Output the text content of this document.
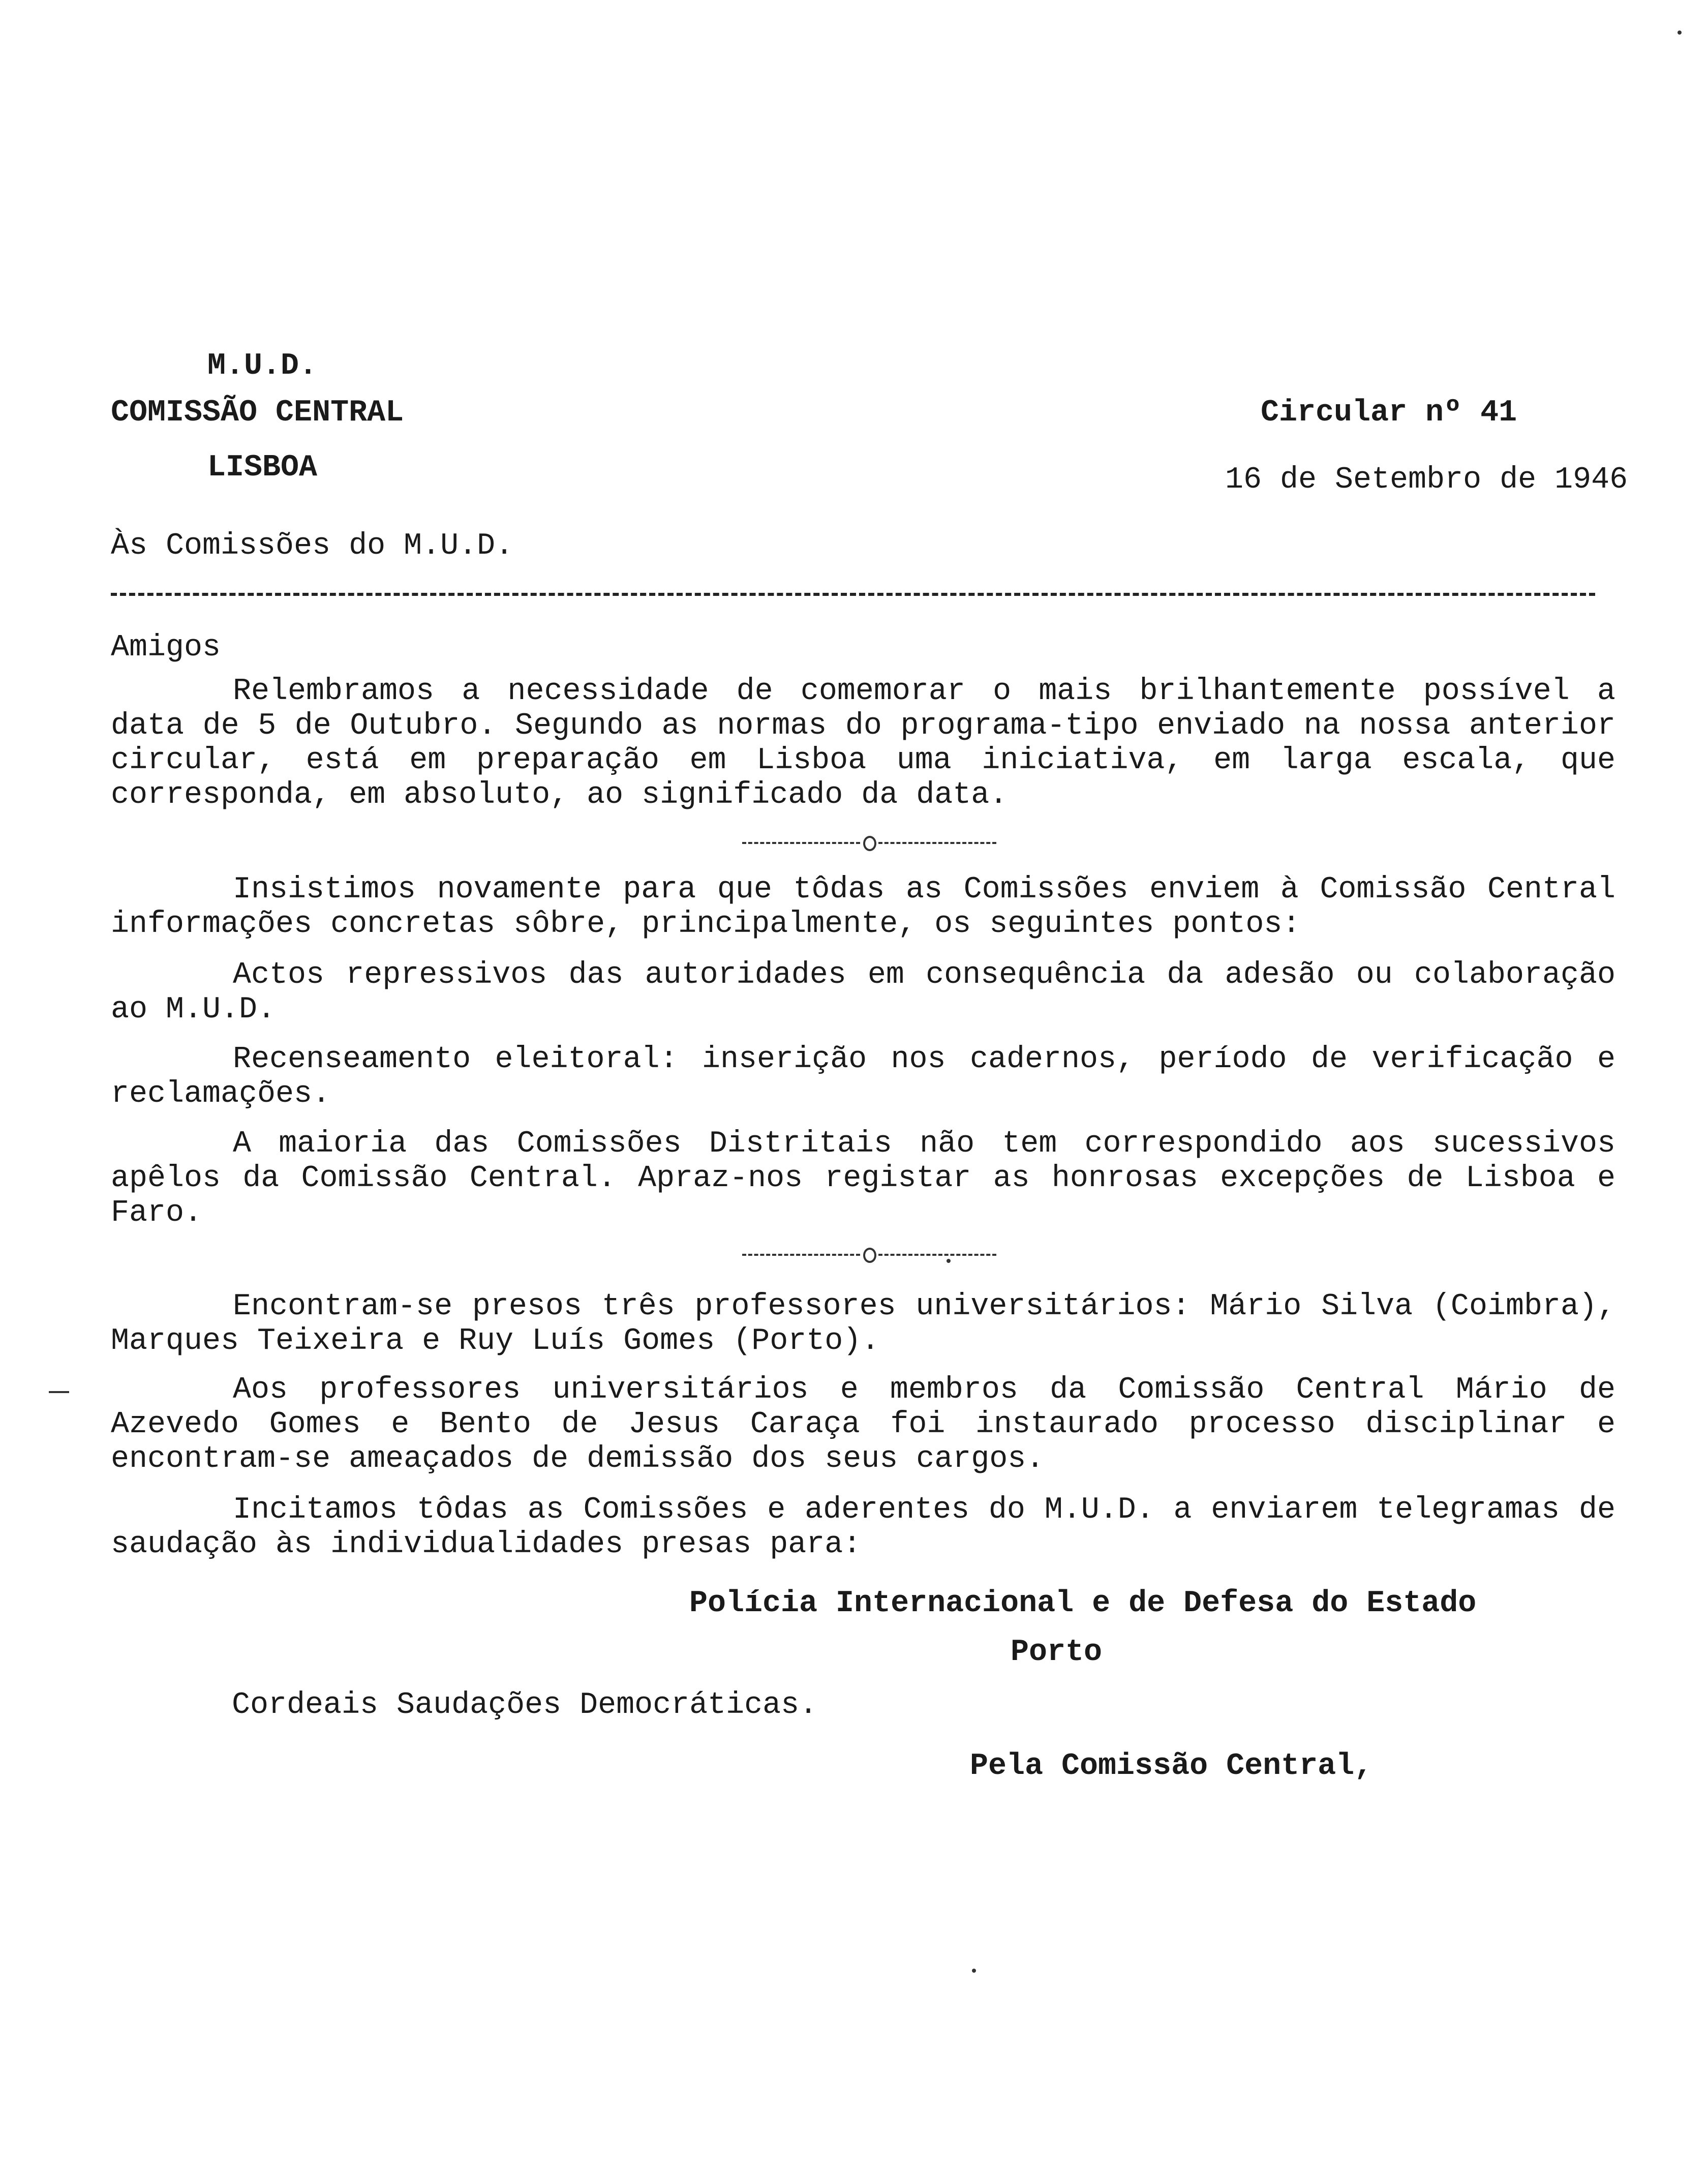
M.U.D.
COMISSÃO CENTRAL
LISBOA
Circular nº 41
16 de Setembro de 1946
Às Comissões do M.U.D.
Amigos
Relembramos a necessidade de comemorar o mais brilhantemente possível a data de 5 de Outubro. Segundo as normas do programa-tipo enviado na nossa anterior circular, está em preparação em Lisboa uma iniciativa, em larga escala, que corresponda, em absoluto, ao significado da data.
Insistimos novamente para que tôdas as Comissões enviem à Comissão Central informações concretas sôbre, principalmente, os seguintes pontos:
Actos repressivos das autoridades em consequência da adesão ou colaboração ao M.U.D.
Recenseamento eleitoral: inserição nos cadernos, período de verificação e reclamações.
A maioria das Comissões Distritais não tem correspondido aos sucessivos apêlos da Comissão Central. Apraz-nos registar as honrosas excepções de Lisboa e Faro.
Encontram-se presos três professores universitários: Mário Silva (Coimbra), Marques Teixeira e Ruy Luís Gomes (Porto).
Aos professores universitários e membros da Comissão Central Mário de Azevedo Gomes e Bento de Jesus Caraça foi instaurado processo disciplinar e encontram-se ameaçados de demissão dos seus cargos.
Incitamos tôdas as Comissões e aderentes do M.U.D. a enviarem telegramas de saudação às individualidades presas para:
Polícia Internacional e de Defesa do Estado
Porto
Cordeais Saudações Democráticas.
Pela Comissão Central,
